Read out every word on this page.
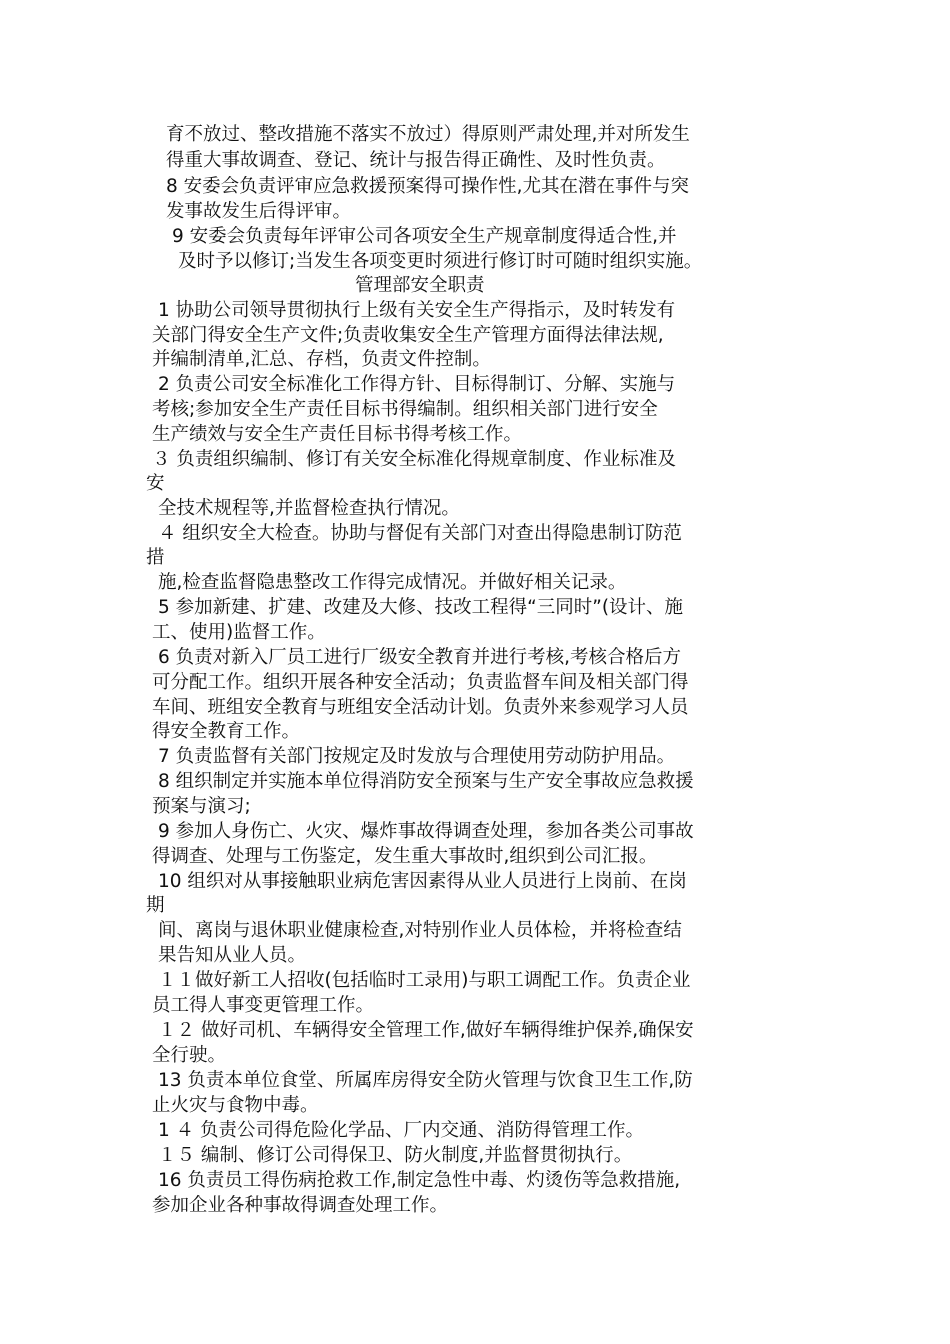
育不放过、整改措施不落实不放过）得原则严肃处理,并对所发生
得重大事故调查、登记、统计与报告得正确性、及时性负责。
8 安委会负责评审应急救援预案得可操作性,尤其在潜在事件与突
发事故发生后得评审。
9 安委会负责每年评审公司各项安全生产规章制度得适合性,并
及时予以修订;当发生各项变更时须进行修订时可随时组织实施。
管理部安全职责
1 协助公司领导贯彻执行上级有关安全生产得指示，及时转发有
关部门得安全生产文件;负责收集安全生产管理方面得法律法规,
并编制清单,汇总、存档，负责文件控制。
2 负责公司安全标准化工作得方针、目标得制订、分解、实施与
考核;参加安全生产责任目标书得编制。组织相关部门进行安全
生产绩效与安全生产责任目标书得考核工作。
３ 负责组织编制、修订有关安全标准化得规章制度、作业标准及
安
全技术规程等,并监督检查执行情况。
４ 组织安全大检查。协助与督促有关部门对查出得隐患制订防范
措
施,检查监督隐患整改工作得完成情况。并做好相关记录。
5 参加新建、扩建、改建及大修、技改工程得“三同时”(设计、施
工、使用)监督工作。
6 负责对新入厂员工进行厂级安全教育并进行考核,考核合格后方
可分配工作。组织开展各种安全活动；负责监督车间及相关部门得
车间、班组安全教育与班组安全活动计划。负责外来参观学习人员
得安全教育工作。
7 负责监督有关部门按规定及时发放与合理使用劳动防护用品。
8 组织制定并实施本单位得消防安全预案与生产安全事故应急救援
预案与演习;
9 参加人身伤亡、火灾、爆炸事故得调查处理，参加各类公司事故
得调查、处理与工伤鉴定，发生重大事故时,组织到公司汇报。
10 组织对从事接触职业病危害因素得从业人员进行上岗前、在岗
期
间、离岗与退休职业健康检查,对特别作业人员体检，并将检查结
果告知从业人员。
１１做好新工人招收(包括临时工录用)与职工调配工作。负责企业
员工得人事变更管理工作。
１２ 做好司机、车辆得安全管理工作,做好车辆得维护保养,确保安
全行驶。
13 负责本单位食堂、所属库房得安全防火管理与饮食卫生工作,防
止火灾与食物中毒。
1 ４ 负责公司得危险化学品、厂内交通、消防得管理工作。
１５ 编制、修订公司得保卫、防火制度,并监督贯彻执行。
16 负责员工得伤病抢救工作,制定急性中毒、灼烫伤等急救措施,
参加企业各种事故得调查处理工作。
